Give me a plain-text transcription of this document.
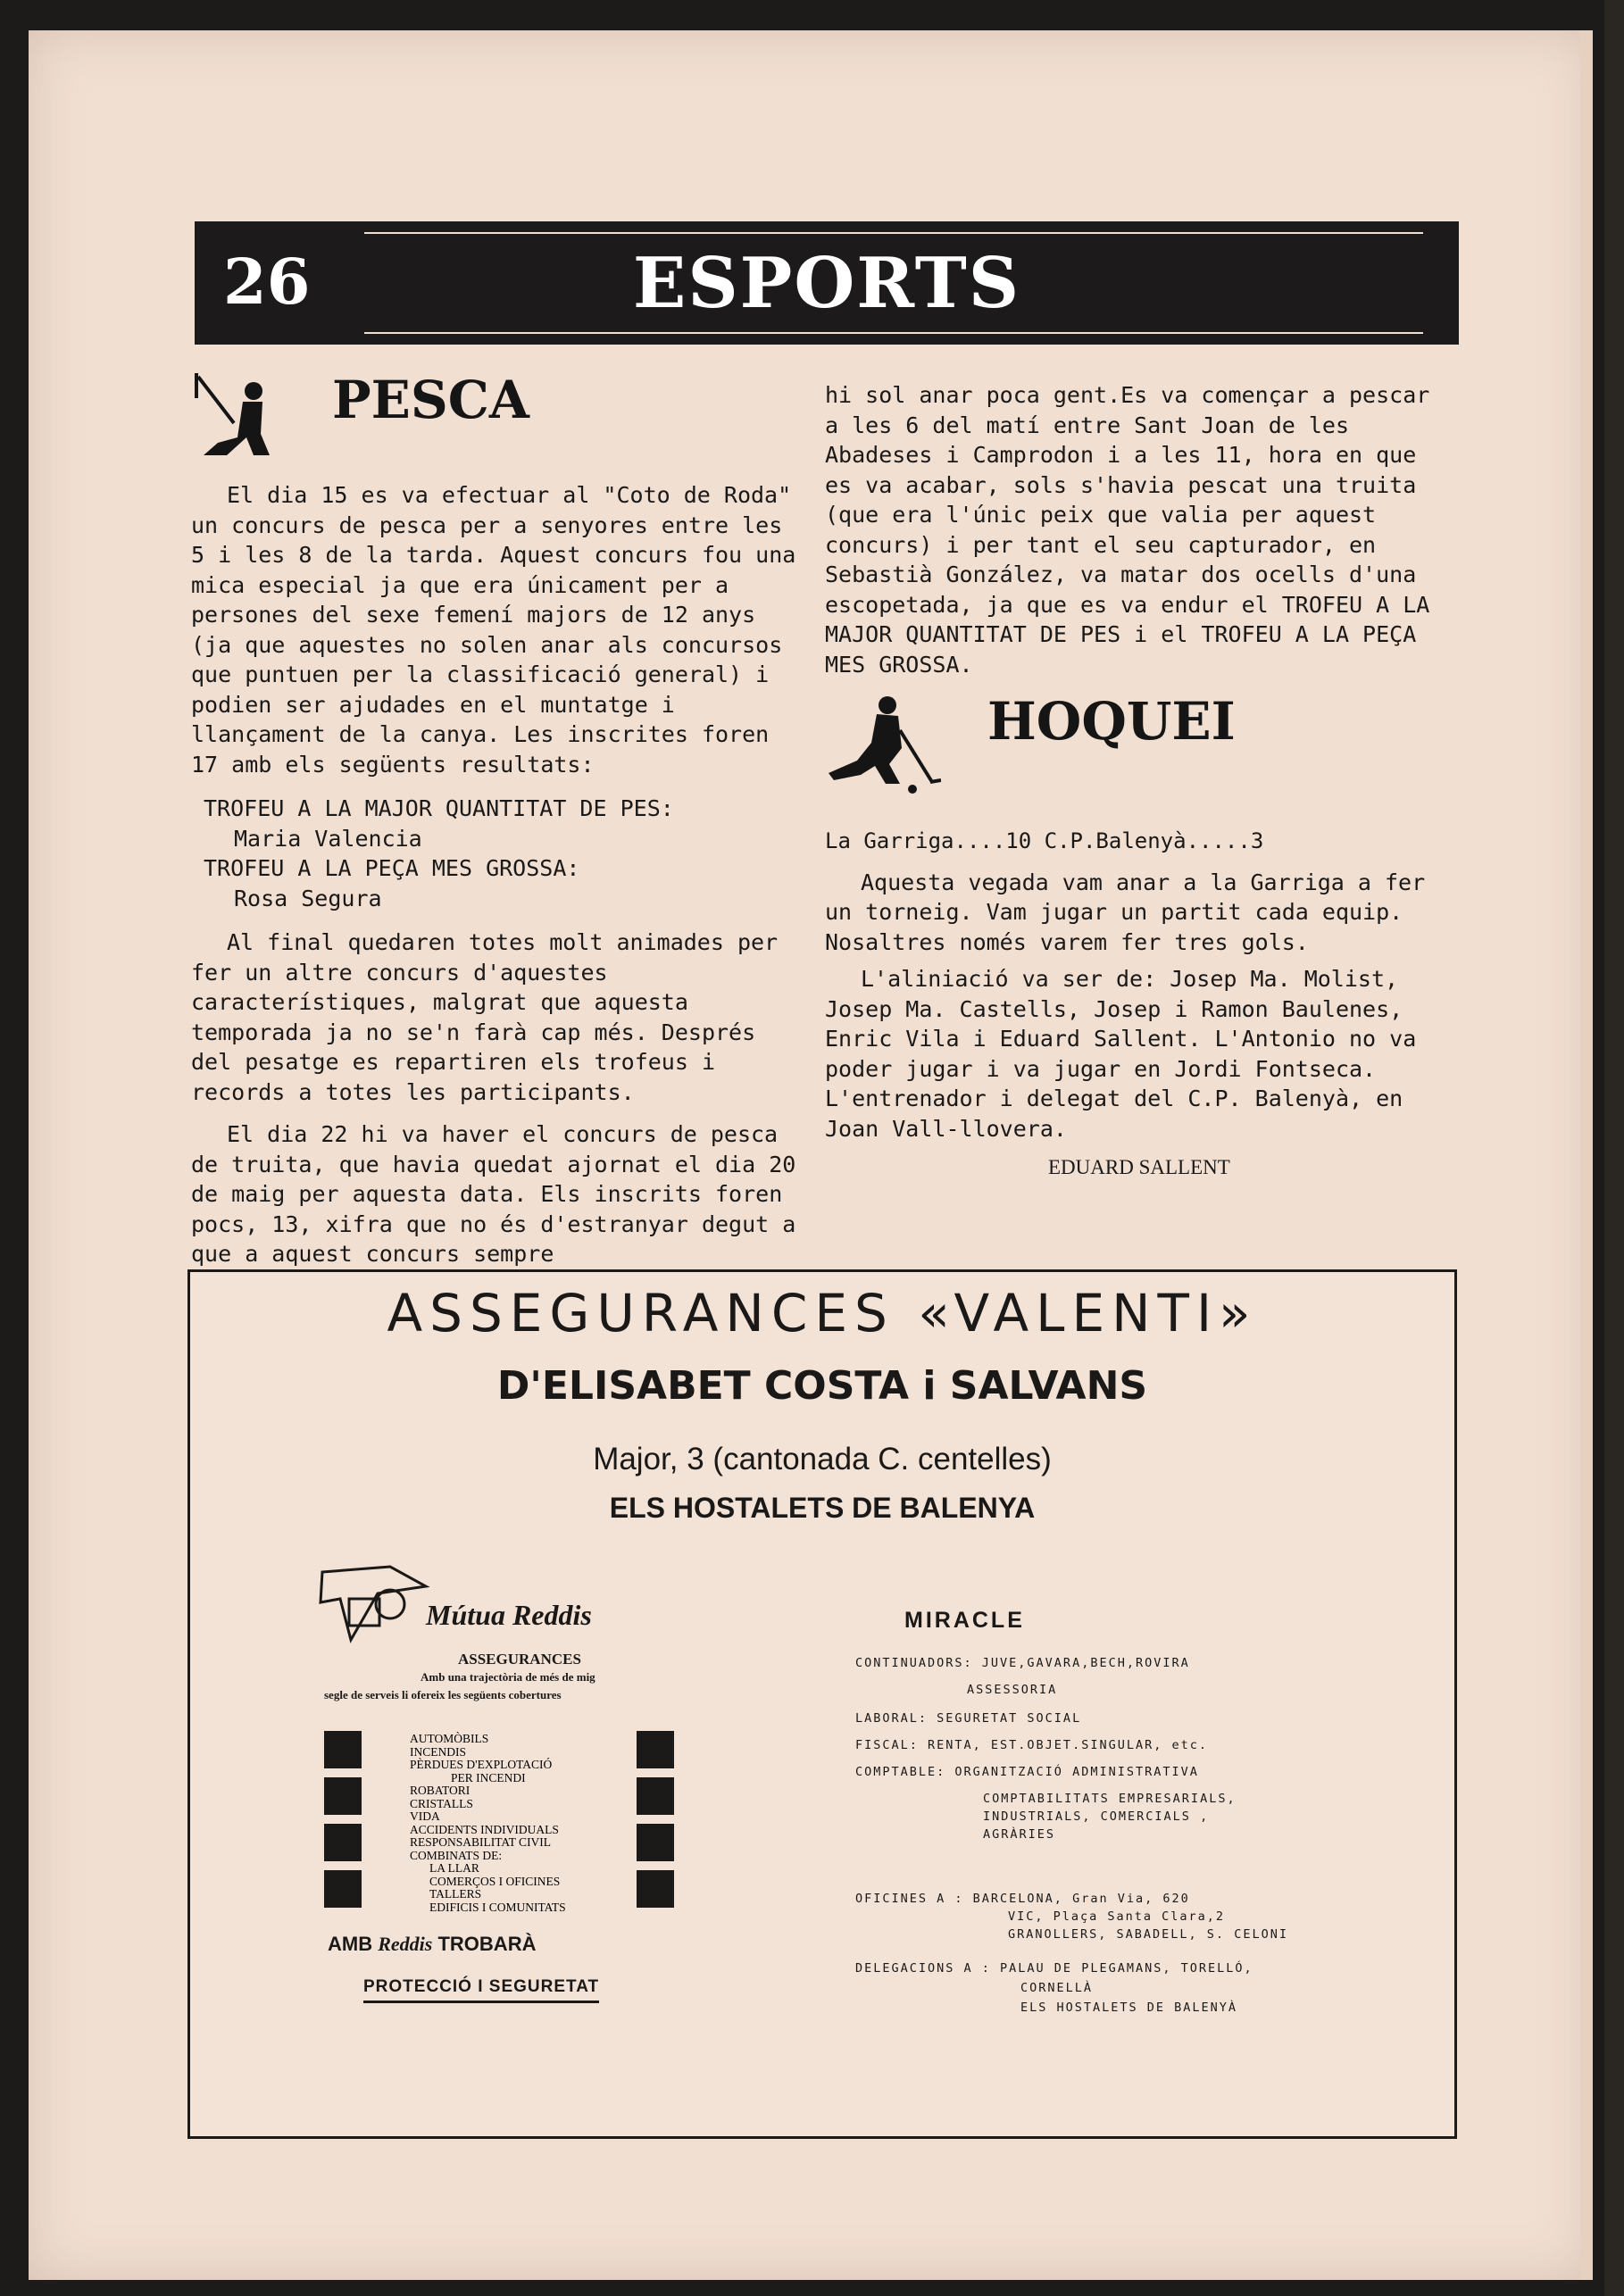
26	ESPORTS
PESCA

El dia 15 es va efectuar al "Coto de Roda" un concurs de pesca per a senyores entre les 5 i les 8 de la tarda. Aquest concurs fou una mica especial ja que era únicament per a persones del sexe femení majors de 12 anys (ja que aquestes no solen anar als concursos que puntuen per la classificació general) i podien ser ajudades en el muntatge i llançament de la canya. Les inscrites foren 17 amb els següents resultats:

TROFEU A LA MAJOR QUANTITAT DE PES:
Maria Valencia
TROFEU A LA PEÇA MES GROSSA:
Rosa Segura

Al final quedaren totes molt animades per fer un altre concurs d'aquestes característiques, malgrat que aquesta temporada ja no se'n farà cap més. Després del pesatge es repartiren els trofeus i records a totes les participants.

El dia 22 hi va haver el concurs de pesca de truita, que havia quedat ajornat el dia 20 de maig per aquesta data. Els inscrits foren pocs, 13, xifra que no és d'estranyar degut a que a aquest concurs sempre

hi sol anar poca gent.Es va començar a pescar a les 6 del matí entre Sant Joan de les Abadeses i Camprodon i a les 11, hora en que es va acabar, sols s'havia pescat una truita (que era l'únic peix que valia per aquest concurs) i per tant el seu capturador, en Sebastià González, va matar dos ocells d'una escopetada, ja que es va endur el TROFEU A LA MAJOR QUANTITAT DE PES i el TROFEU A LA PEÇA MES GROSSA.

HOQUEI

La Garriga....10 C.P.Balenyà.....3

Aquesta vegada vam anar a la Garriga a fer un torneig. Vam jugar un partit cada equip. Nosaltres només varem fer tres gols.

L'aliniació va ser de: Josep Ma. Molist, Josep Ma. Castells, Josep i Ramon Baulenes, Enric Vila i Eduard Sallent. L'Antonio no va poder jugar i va jugar en Jordi Fontseca. L'entrenador i delegat del C.P. Balenyà, en Joan Vall-llovera.

EDUARD SALLENT

ASSEGURANCES «VALENTI»
D'ELISABET COSTA i SALVANS
Major, 3 (cantonada C. centelles)
ELS HOSTALETS DE BALENYA
Mútua Reddis
ASSEGURANCES
Amb una trajectòria de més de mig
segle de serveis li ofereix les següents cobertures
AUTOMÒBILS
INCENDIS
PÈRDUES D'EXPLOTACIÓ
PER INCENDI
ROBATORI
CRISTALLS
VIDA
ACCIDENTS INDIVIDUALS
RESPONSABILITAT CIVIL
COMBINATS DE:
LA LLAR
COMERÇOS I OFICINES
TALLERS
EDIFICIS I COMUNITATS
AMB Reddis TROBARÀ
PROTECCIÓ I SEGURETAT
MIRACLE
CONTINUADORS: JUVE,GAVARA,BECH,ROVIRA
ASSESSORIA
LABORAL: SEGURETAT SOCIAL
FISCAL: RENTA, EST.OBJET.SINGULAR, etc.
COMPTABLE: ORGANITZACIÓ ADMINISTRATIVA
COMPTABILITATS EMPRESARIALS,
INDUSTRIALS, COMERCIALS ,
AGRÀRIES
OFICINES A : BARCELONA, Gran Via, 620
VIC, Plaça Santa Clara,2
GRANOLLERS, SABADELL, S. CELONI
DELEGACIONS A : PALAU DE PLEGAMANS, TORELLÓ,
CORNELLÀ
ELS HOSTALETS DE BALENYÀ
